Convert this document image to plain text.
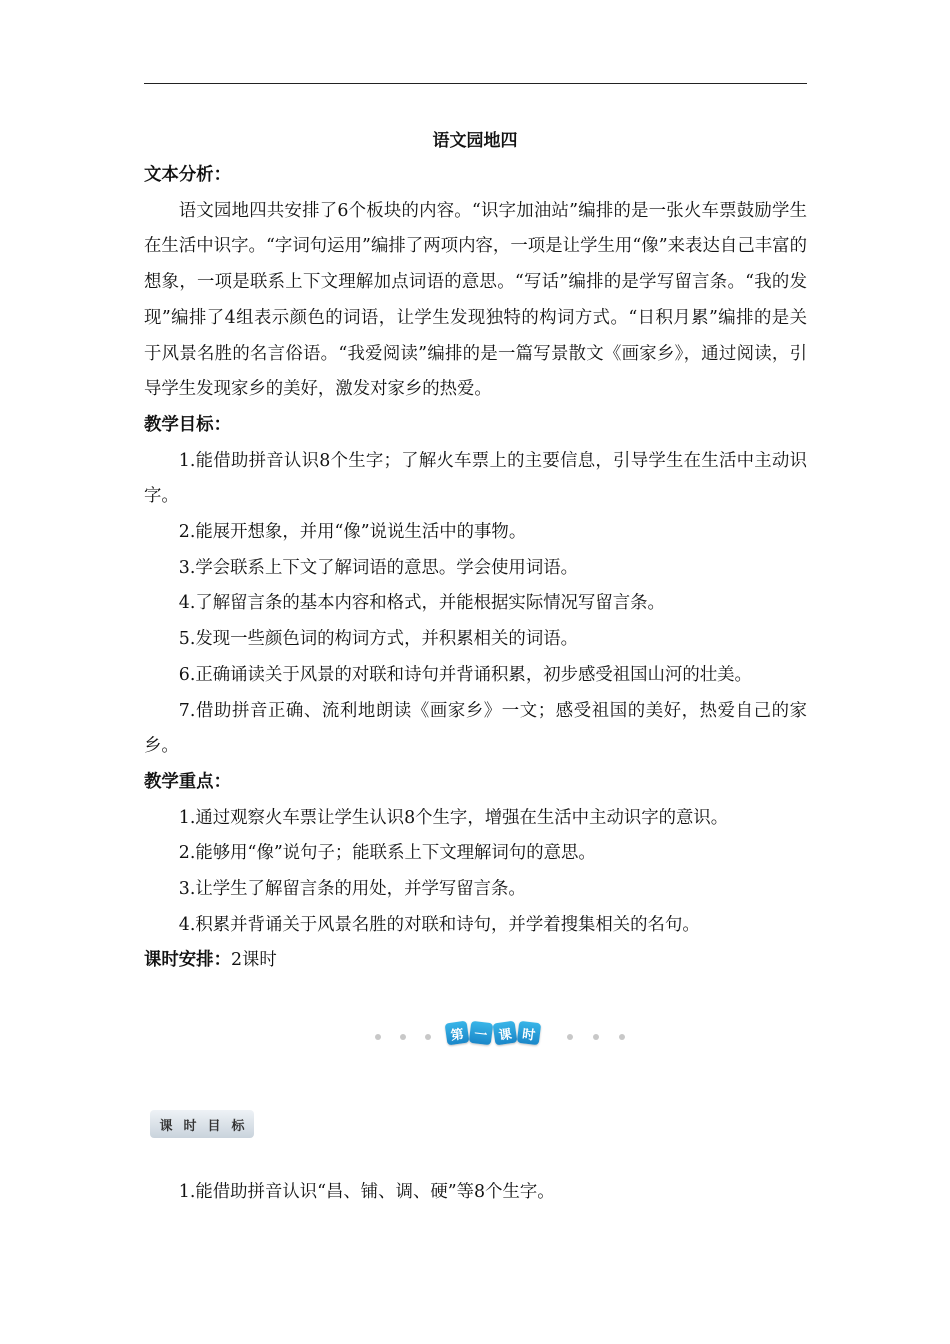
语文园地四

文本分析：

语文园地四共安排了6个板块的内容。“识字加油站”编排的是一张火车票鼓励学生在生活中识字。“字词句运用”编排了两项内容，一项是让学生用“像”来表达自己丰富的想象，一项是联系上下文理解加点词语的意思。“写话”编排的是学写留言条。“我的发现”编排了4组表示颜色的词语，让学生发现独特的构词方式。“日积月累”编排的是关于风景名胜的名言俗语。“我爱阅读”编排的是一篇写景散文《画家乡》，通过阅读，引导学生发现家乡的美好，激发对家乡的热爱。

教学目标：

1.能借助拼音认识8个生字；了解火车票上的主要信息，引导学生在生活中主动识字。

2.能展开想象，并用“像”说说生活中的事物。

3.学会联系上下文了解词语的意思。学会使用词语。

4.了解留言条的基本内容和格式，并能根据实际情况写留言条。

5.发现一些颜色词的构词方式，并积累相关的词语。

6.正确诵读关于风景的对联和诗句并背诵积累，初步感受祖国山河的壮美。

7.借助拼音正确、流利地朗读《画家乡》一文；感受祖国的美好，热爱自己的家乡。

教学重点：

1.通过观察火车票让学生认识8个生字，增强在生活中主动识字的意识。

2.能够用“像”说句子；能联系上下文理解词句的意思。

3.让学生了解留言条的用处，并学写留言条。

4.积累并背诵关于风景名胜的对联和诗句，并学着搜集相关的名句。

课时安排：2课时

第 一 课 时
课 时 目 标
1.能借助拼音认识“昌、铺、调、硬”等8个生字。
